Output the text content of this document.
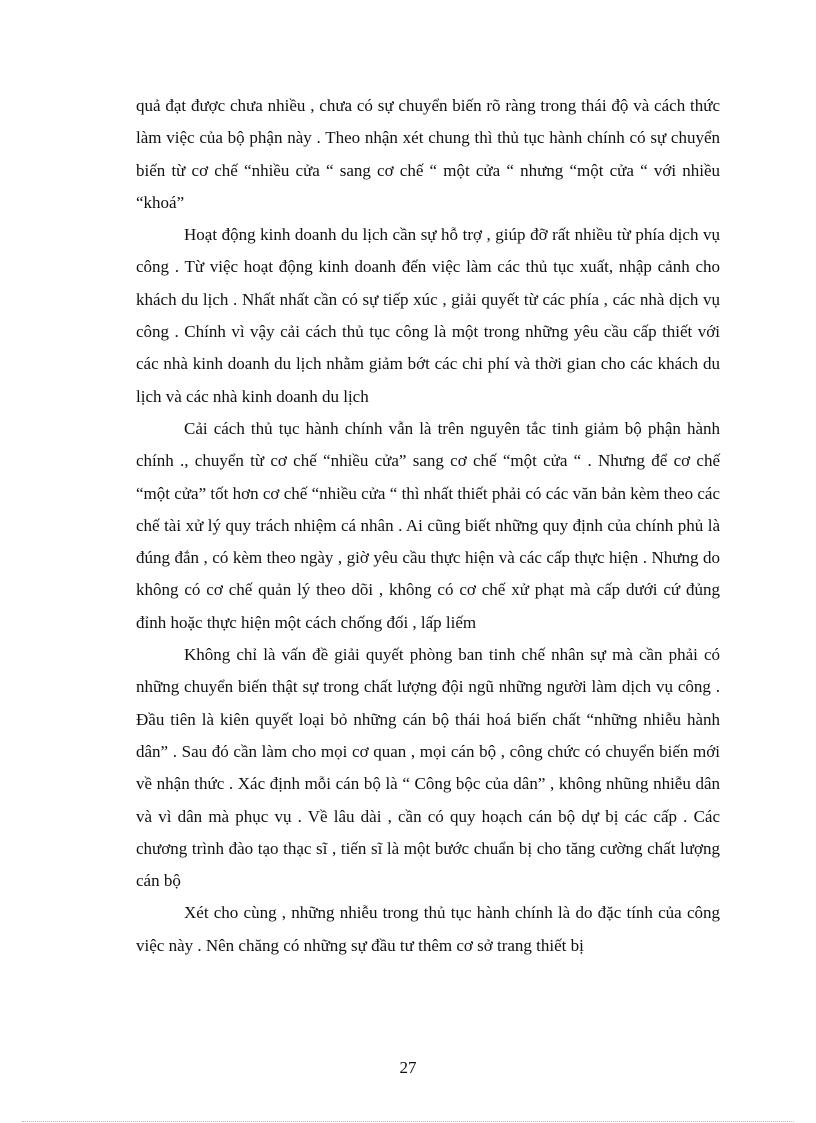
quả đạt được chưa nhiều , chưa có sự chuyển biến rõ ràng trong thái độ và cách thức làm việc của bộ phận này . Theo nhận xét chung thì thủ tục hành chính có sự chuyển biến từ cơ chế “nhiều cửa “ sang cơ chế “ một cửa “ nhưng “một cửa “ với nhiều “khoá”

Hoạt động kinh doanh du lịch cần sự hỗ trợ , giúp đỡ rất nhiều từ phía dịch vụ công . Từ việc hoạt động kinh doanh đến việc làm các thủ tục xuất, nhập cảnh cho khách du lịch . Nhất nhất cần có sự tiếp xúc , giải quyết từ các phía , các nhà dịch vụ công . Chính vì vậy cải cách thủ tục công là một trong những yêu cầu cấp thiết với các nhà kinh doanh du lịch nhằm giảm bớt các chi phí và thời gian cho các khách du lịch và các nhà kinh doanh du lịch

Cải cách thủ tục hành chính vẫn là trên nguyên tắc tinh giảm bộ phận hành chính ., chuyển từ cơ chế “nhiều cửa” sang cơ chế “một cửa “ . Nhưng để cơ chế “một cửa” tốt hơn cơ chế “nhiều cửa “ thì nhất thiết phải có các văn bản kèm theo các chế tài xử lý quy trách nhiệm cá nhân . Ai cũng biết những quy định của chính phủ là đúng đắn , có kèm theo ngày , giờ yêu cầu thực hiện và các cấp thực hiện . Nhưng do không có cơ chế quản lý theo dõi , không có cơ chế xử phạt mà cấp dưới cứ đủng đỉnh hoặc thực hiện một cách chống đối , lấp liếm

Không chỉ là vấn đề giải quyết phòng ban tinh chế nhân sự mà cần phải có những chuyển biến thật sự trong chất lượng đội ngũ những người làm dịch vụ công . Đầu tiên là kiên quyết loại bỏ những cán bộ thái hoá biến chất “những nhiễu hành dân” . Sau đó cần làm cho mọi cơ quan , mọi cán bộ , công chức có chuyển biến mới về nhận thức . Xác định mỗi cán bộ là “ Công bộc của dân” , không nhũng nhiễu dân và vì dân mà phục vụ . Về lâu dài , cần có quy hoạch cán bộ dự bị các cấp . Các chương trình đào tạo thạc sĩ , tiến sĩ là một bước chuẩn bị cho tăng cường chất lượng cán bộ

Xét cho cùng , những nhiễu trong thủ tục hành chính là do đặc tính của công việc này . Nên chăng có những sự đầu tư thêm cơ sở trang thiết bị

27
